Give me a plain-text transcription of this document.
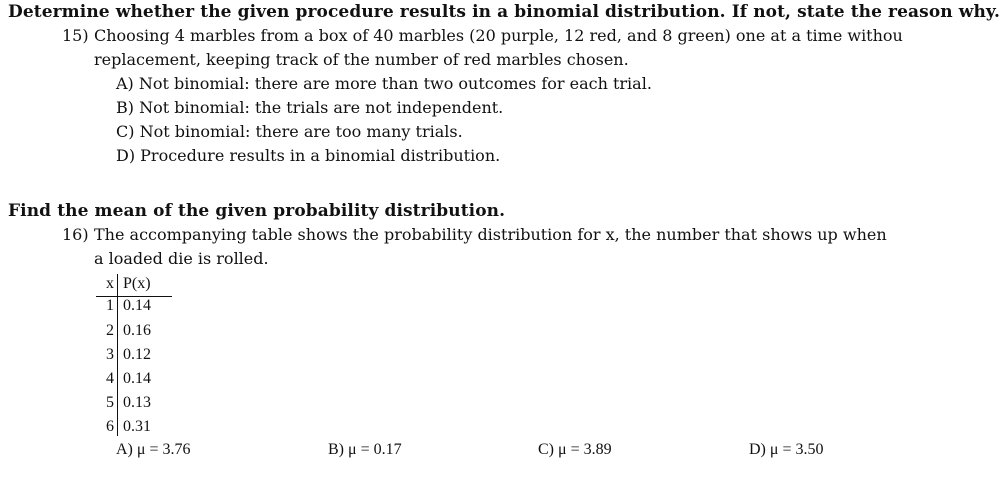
Determine whether the given procedure results in a binomial distribution. If not, state the reason why.
15) Choosing 4 marbles from a box of 40 marbles (20 purple, 12 red, and 8 green) one at a time withou
replacement, keeping track of the number of red marbles chosen.
A) Not binomial: there are more than two outcomes for each trial.
B) Not binomial: the trials are not independent.
C) Not binomial: there are too many trials.
D) Procedure results in a binomial distribution.
Find the mean of the given probability distribution.
16) The accompanying table shows the probability distribution for x, the number that shows up when
a loaded die is rolled.
x P(x)
1 0.14
2 0.16
3 0.12
4 0.14
5 0.13
6 0.31
A) μ = 3.76	B) μ = 0.17	C) μ = 3.89	D) μ = 3.50
